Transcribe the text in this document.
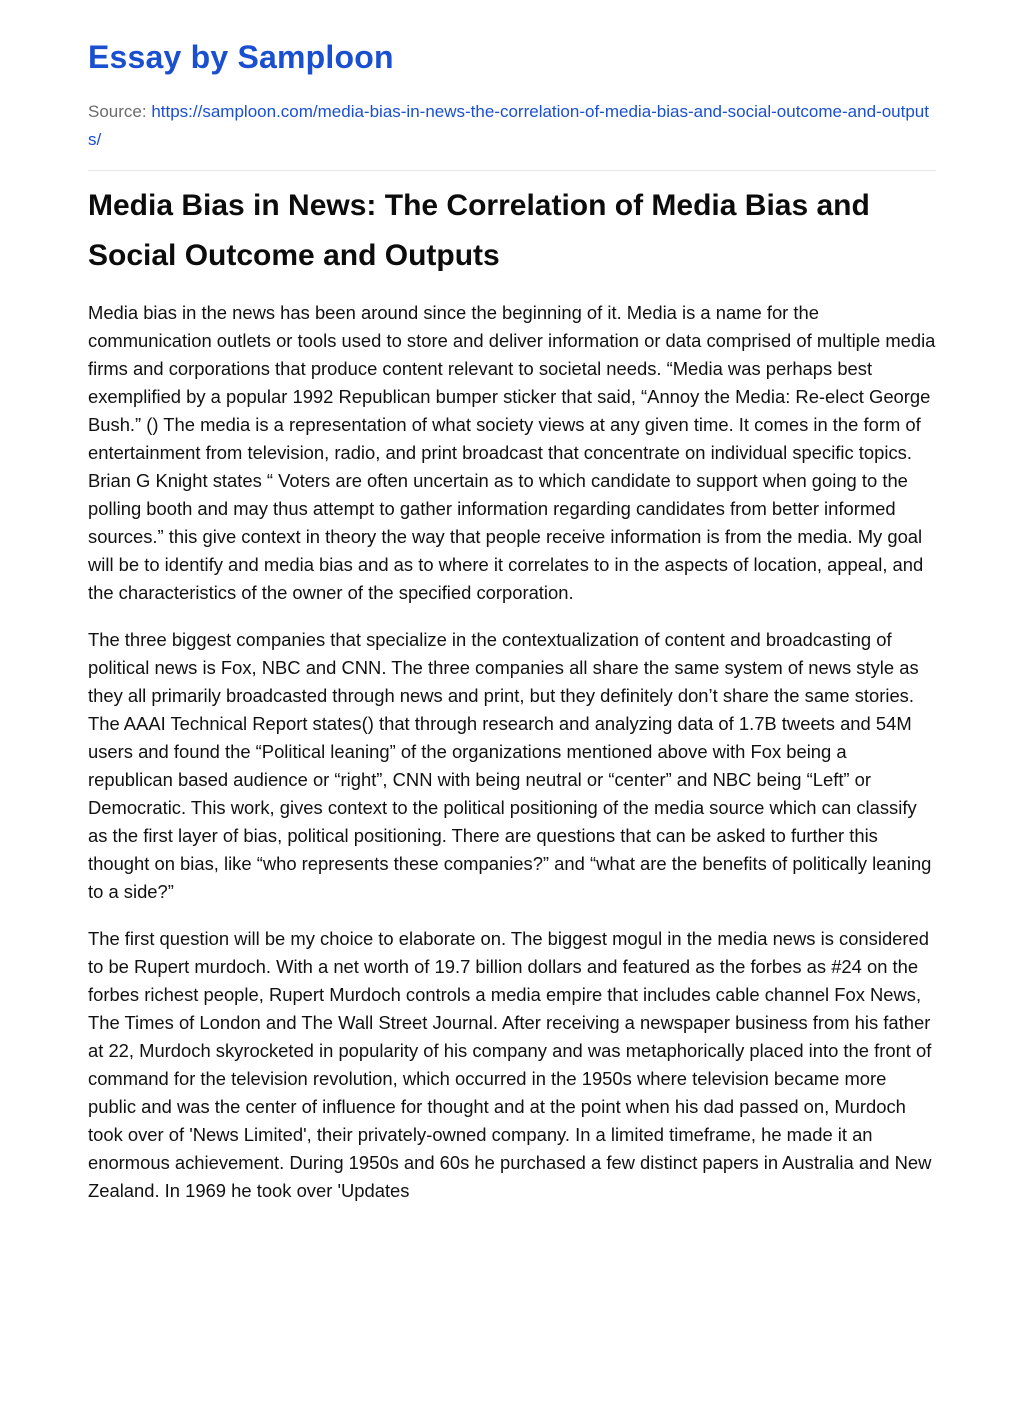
Essay by Samploon
Source: https://samploon.com/media-bias-in-news-the-correlation-of-media-bias-and-social-outcome-and-outputs/
Media Bias in News: The Correlation of Media Bias and Social Outcome and Outputs

Media bias in the news has been around since the beginning of it. Media is a name for the communication outlets or tools used to store and deliver information or data comprised of multiple media firms and corporations that produce content relevant to societal needs. “Media was perhaps best exemplified by a popular 1992 Republican bumper sticker that said, “Annoy the Media: Re-elect George Bush.” () The media is a representation of what society views at any given time. It comes in the form of entertainment from television, radio, and print broadcast that concentrate on individual specific topics. Brian G Knight states “ Voters are often uncertain as to which candidate to support when going to the polling booth and may thus attempt to gather information regarding candidates from better informed sources.” this give context in theory the way that people receive information is from the media. My goal will be to identify and media bias and as to where it correlates to in the aspects of location, appeal, and the characteristics of the owner of the specified corporation.

The three biggest companies that specialize in the contextualization of content and broadcasting of political news is Fox, NBC and CNN. The three companies all share the same system of news style as they all primarily broadcasted through news and print, but they definitely don’t share the same stories. The AAAI Technical Report states() that through research and analyzing data of 1.7B tweets and 54M users and found the “Political leaning” of the organizations mentioned above with Fox being a republican based audience or “right”, CNN with being neutral or “center” and NBC being “Left” or Democratic. This work, gives context to the political positioning of the media source which can classify as the first layer of bias, political positioning. There are questions that can be asked to further this thought on bias, like “who represents these companies?” and “what are the benefits of politically leaning to a side?”

The first question will be my choice to elaborate on. The biggest mogul in the media news is considered to be Rupert murdoch. With a net worth of 19.7 billion dollars and featured as the forbes as #24 on the forbes richest people, Rupert Murdoch controls a media empire that includes cable channel Fox News, The Times of London and The Wall Street Journal. After receiving a newspaper business from his father at 22, Murdoch skyrocketed in popularity of his company and was metaphorically placed into the front of command for the television revolution, which occurred in the 1950s where television became more public and was the center of influence for thought and at the point when his dad passed on, Murdoch took over of 'News Limited', their privately-owned company. In a limited timeframe, he made it an enormous achievement. During 1950s and 60s he purchased a few distinct papers in Australia and New Zealand. In 1969 he took over 'Updates
